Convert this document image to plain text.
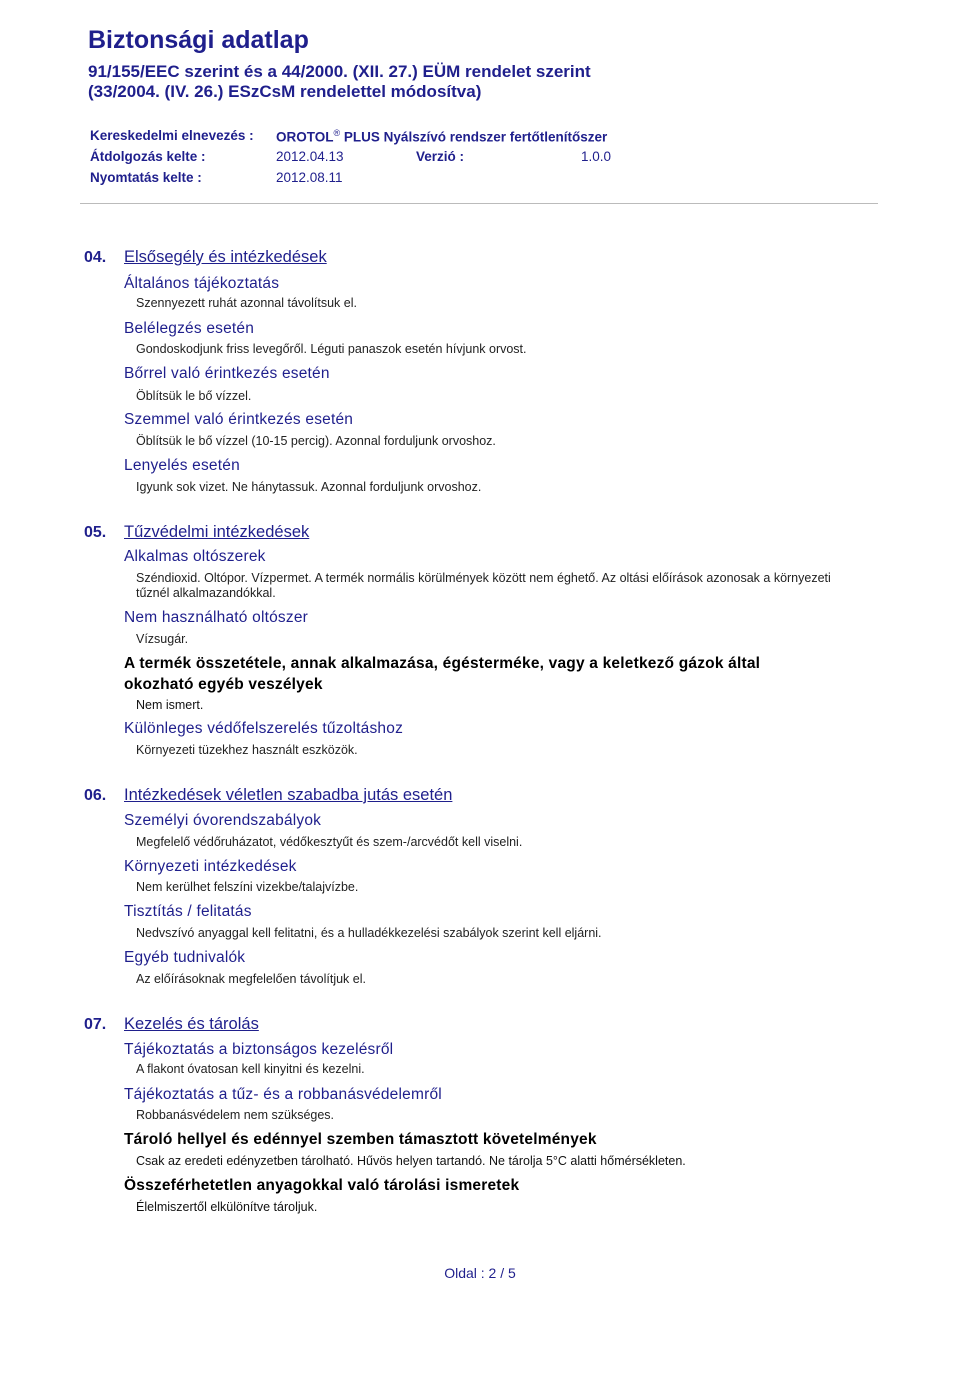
Biztonsági adatlap
91/155/EEC szerint és a 44/2000. (XII. 27.) EÜM rendelet szerint
(33/2004. (IV. 26.) ESzCsM rendelettel módosítva)
Kereskedelmi elnevezés : OROTOL® PLUS Nyálszívó rendszer fertőtlenítőszer
Átdolgozás kelte :	2012.04.13	Verzió :	1.0.0
Nyomtatás kelte :	2012.08.11
04. Elsősegély és intézkedések
Általános tájékoztatás
Szennyezett ruhát azonnal távolítsuk el.
Belélegzés esetén
Gondoskodjunk friss levegőről. Léguti panaszok esetén hívjunk orvost.
Bőrrel való érintkezés esetén
Öblítsük le bő vízzel.
Szemmel való érintkezés esetén
Öblítsük le bő vízzel (10-15 percig). Azonnal forduljunk orvoshoz.
Lenyelés esetén
Igyunk sok vizet. Ne hánytassuk. Azonnal forduljunk orvoshoz.
05. Tűzvédelmi intézkedések
Alkalmas oltószerek
Széndioxid. Oltópor. Vízpermet. A termék normális körülmények között nem éghető. Az oltási előírások azonosak a környezeti
tűznél alkalmazandókkal.
Nem használható oltószer
Vízsugár.
A termék összetétele, annak alkalmazása, égésterméke, vagy a keletkező gázok által
okozható egyéb veszélyek
Nem ismert.
Különleges védőfelszerelés tűzoltáshoz
Környezeti tüzekhez használt eszközök.
06. Intézkedések véletlen szabadba jutás esetén
Személyi óvorendszabályok
Megfelelő védőruházatot, védőkesztyűt és szem-/arcvédőt kell viselni.
Környezeti intézkedések
Nem kerülhet felszíni vizekbe/talajvízbe.
Tisztítás / felitatás
Nedvszívó anyaggal kell felitatni, és a hulladékkezelési szabályok szerint kell eljárni.
Egyéb tudnivalók
Az előírásoknak megfelelően távolítjuk el.
07. Kezelés és tárolás
Tájékoztatás a biztonságos kezelésről
A flakont óvatosan kell kinyitni és kezelni.
Tájékoztatás a tűz- és a robbanásvédelemről
Robbanásvédelem nem szükséges.
Tároló hellyel és edénnyel szemben támasztott követelmények
Csak az eredeti edényzetben tárolható. Hűvös helyen tartandó. Ne tárolja 5°C alatti hőmérsékleten.
Összeférhetetlen anyagokkal való tárolási ismeretek
Élelmiszertől elkülönítve tároljuk.
Oldal : 2 / 5
